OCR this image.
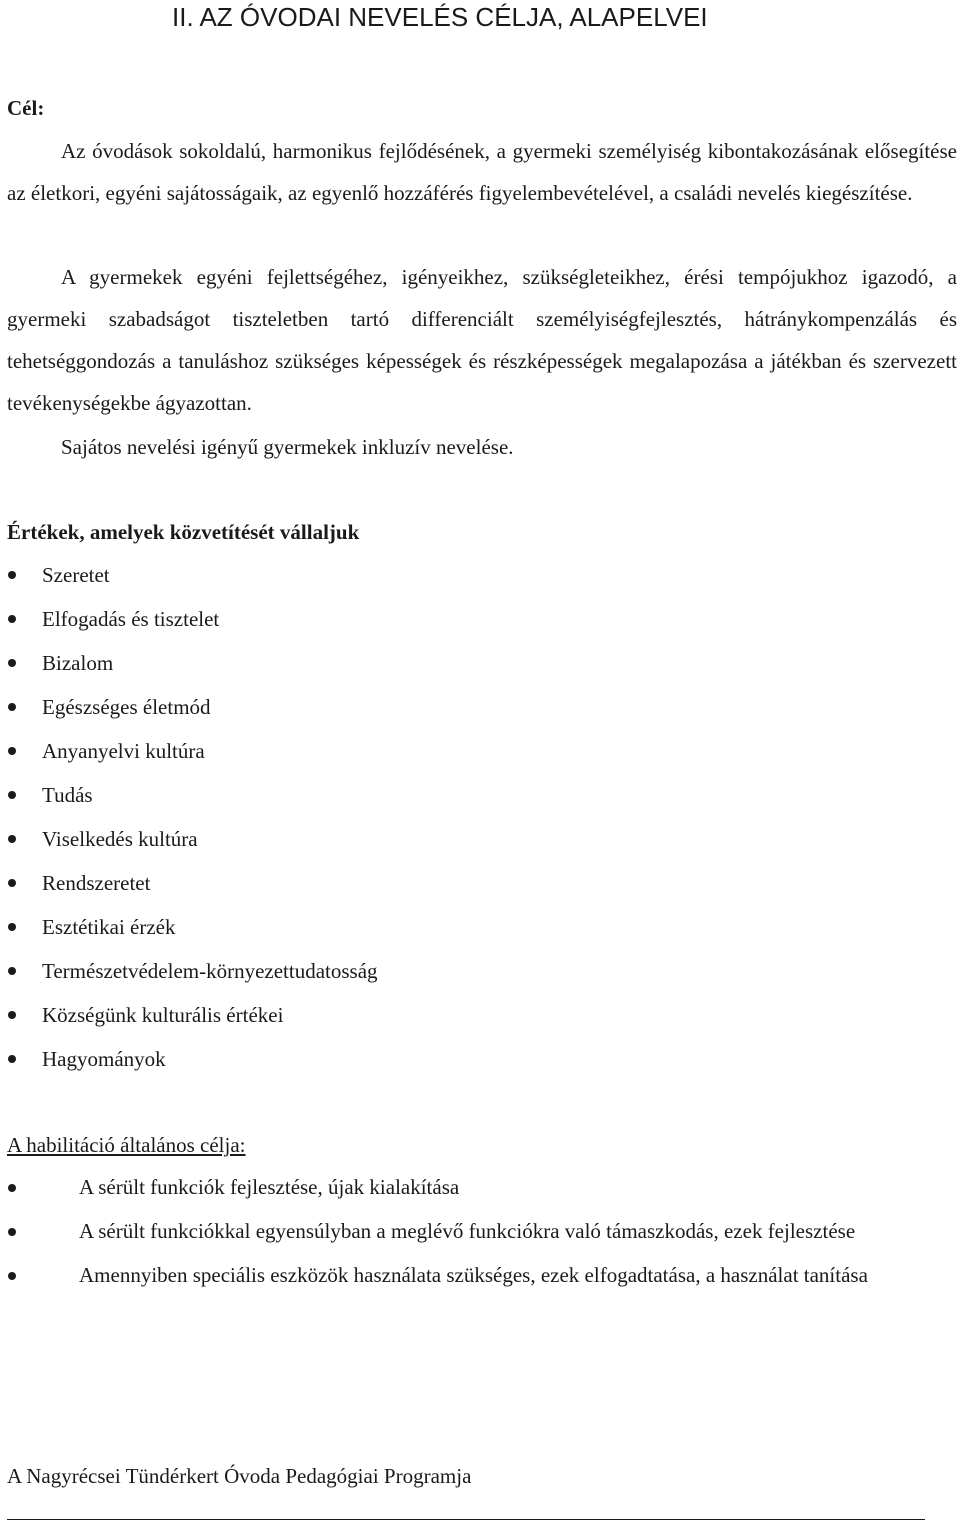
II. AZ ÓVODAI NEVELÉS CÉLJA, ALAPELVEI

Cél:

Az óvodások sokoldalú, harmonikus fejlődésének, a gyermeki személyiség kibontakozásának elősegítése az életkori, egyéni sajátosságaik, az egyenlő hozzáférés figyelembevételével, a családi nevelés kiegészítése.
A gyermekek egyéni fejlettségéhez, igényeikhez, szükségleteikhez, érési tempójukhoz igazodó, a gyermeki szabadságot tiszteletben tartó differenciált személyiségfejlesztés, hátránykompenzálás és tehetséggondozás a tanuláshoz szükséges képességek és részképességek megalapozása a játékban és szervezett tevékenységekbe ágyazottan.

Sajátos nevelési igényű gyermekek inkluzív nevelése.

Értékek, amelyek közvetítését vállaljuk

Szeretet
Elfogadás és tisztelet
Bizalom
Egészséges életmód
Anyanyelvi kultúra
Tudás
Viselkedés kultúra
Rendszeretet
Esztétikai érzék
Természetvédelem-környezettudatosság
Községünk kulturális értékei
Hagyományok

A habilitáció általános célja:

A sérült funkciók fejlesztése, újak kialakítása
A sérült funkciókkal egyensúlyban a meglévő funkciókra való támaszkodás, ezek fejlesztése
Amennyiben speciális eszközök használata szükséges, ezek elfogadtatása, a használat tanítása

A Nagyrécsei Tündérkert Óvoda Pedagógiai Programja
